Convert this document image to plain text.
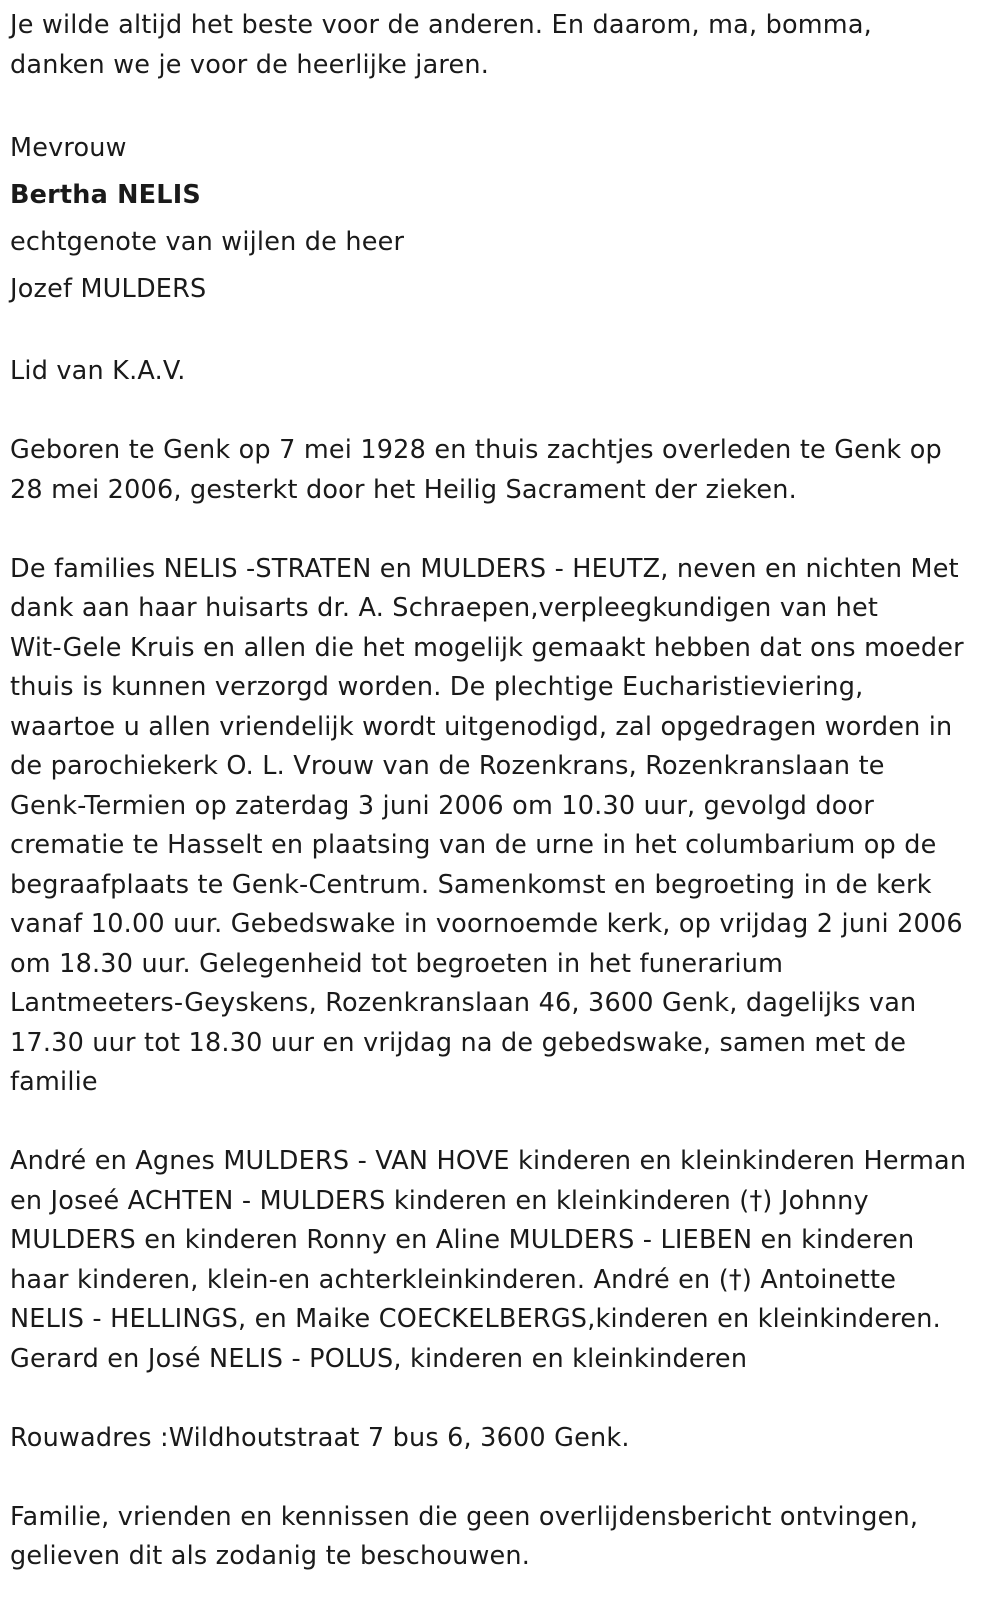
Je wilde altijd het beste voor de anderen. En daarom, ma, bomma,
danken we je voor de heerlijke jaren.
Mevrouw
Bertha NELIS
echtgenote van wijlen de heer
Jozef MULDERS
Lid van K.A.V.
Geboren te Genk op 7 mei 1928 en thuis zachtjes overleden te Genk op
28 mei 2006, gesterkt door het Heilig Sacrament der zieken.
De families NELIS -STRATEN en MULDERS - HEUTZ, neven en nichten Met
dank aan haar huisarts dr. A. Schraepen,verpleegkundigen van het
Wit-Gele Kruis en allen die het mogelijk gemaakt hebben dat ons moeder
thuis is kunnen verzorgd worden. De plechtige Eucharistieviering,
waartoe u allen vriendelijk wordt uitgenodigd, zal opgedragen worden in
de parochiekerk O. L. Vrouw van de Rozenkrans, Rozenkranslaan te
Genk-Termien op zaterdag 3 juni 2006 om 10.30 uur, gevolgd door
crematie te Hasselt en plaatsing van de urne in het columbarium op de
begraafplaats te Genk-Centrum. Samenkomst en begroeting in de kerk
vanaf 10.00 uur. Gebedswake in voornoemde kerk, op vrijdag 2 juni 2006
om 18.30 uur. Gelegenheid tot begroeten in het funerarium
Lantmeeters-Geyskens, Rozenkranslaan 46, 3600 Genk, dagelijks van
17.30 uur tot 18.30 uur en vrijdag na de gebedswake, samen met de
familie
André en Agnes MULDERS - VAN HOVE kinderen en kleinkinderen Herman
en Joseé ACHTEN - MULDERS kinderen en kleinkinderen (†) Johnny
MULDERS en kinderen Ronny en Aline MULDERS - LIEBEN en kinderen
haar kinderen, klein-en achterkleinkinderen. André en (†) Antoinette
NELIS - HELLINGS, en Maike COECKELBERGS,kinderen en kleinkinderen.
Gerard en José NELIS - POLUS, kinderen en kleinkinderen
Rouwadres :Wildhoutstraat 7 bus 6, 3600 Genk.
Familie, vrienden en kennissen die geen overlijdensbericht ontvingen,
gelieven dit als zodanig te beschouwen.
